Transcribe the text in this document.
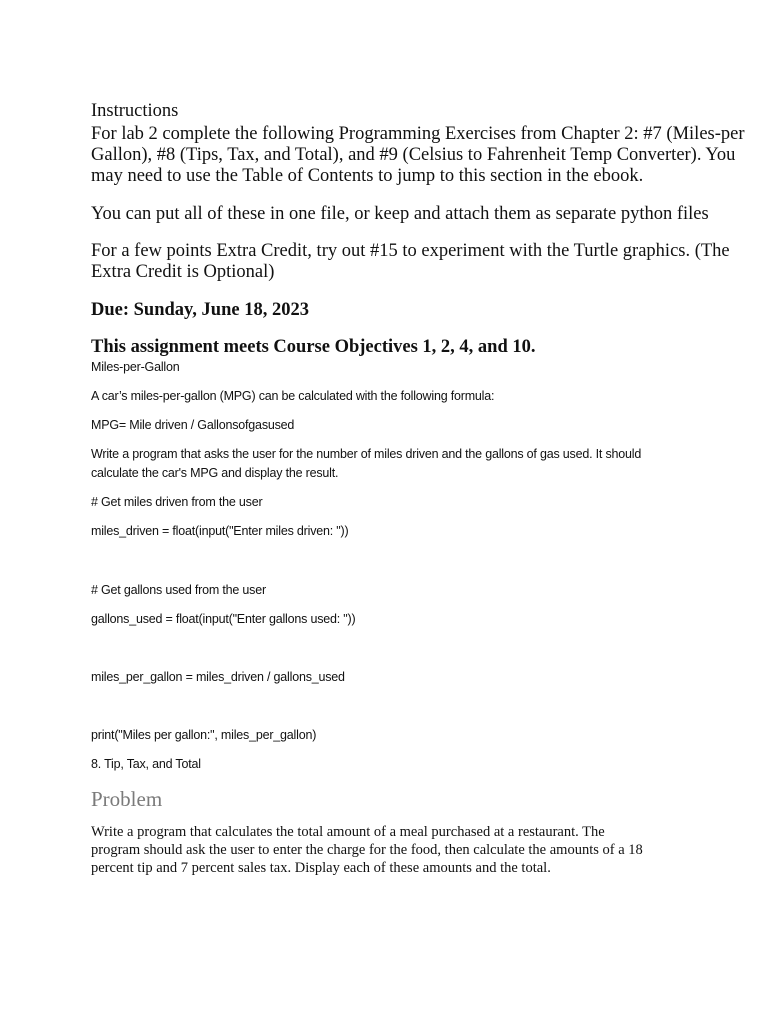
Instructions
For lab 2 complete the following Programming Exercises from Chapter 2: #7 (Miles-per
Gallon), #8 (Tips, Tax, and Total), and #9 (Celsius to Fahrenheit Temp Converter). You
may need to use the Table of Contents to jump to this section in the ebook.
You can put all of these in one file, or keep and attach them as separate python files
For a few points Extra Credit, try out #15 to experiment with the Turtle graphics. (The
Extra Credit is Optional)
Due: Sunday, June 18, 2023
This assignment meets Course Objectives 1, 2, 4, and 10.
Miles-per-Gallon
A car’s miles-per-gallon (MPG) can be calculated with the following formula:
MPG= Mile driven / Gallonsofgasused
Write a program that asks the user for the number of miles driven and the gallons of gas used. It should
calculate the car's MPG and display the result.
# Get miles driven from the user
miles_driven = float(input("Enter miles driven: "))
# Get gallons used from the user
gallons_used = float(input("Enter gallons used: "))
miles_per_gallon = miles_driven / gallons_used
print("Miles per gallon:", miles_per_gallon)
8. Tip, Tax, and Total
Problem
Write a program that calculates the total amount of a meal purchased at a restaurant. The
program should ask the user to enter the charge for the food, then calculate the amounts of a 18
percent tip and 7 percent sales tax. Display each of these amounts and the total.
